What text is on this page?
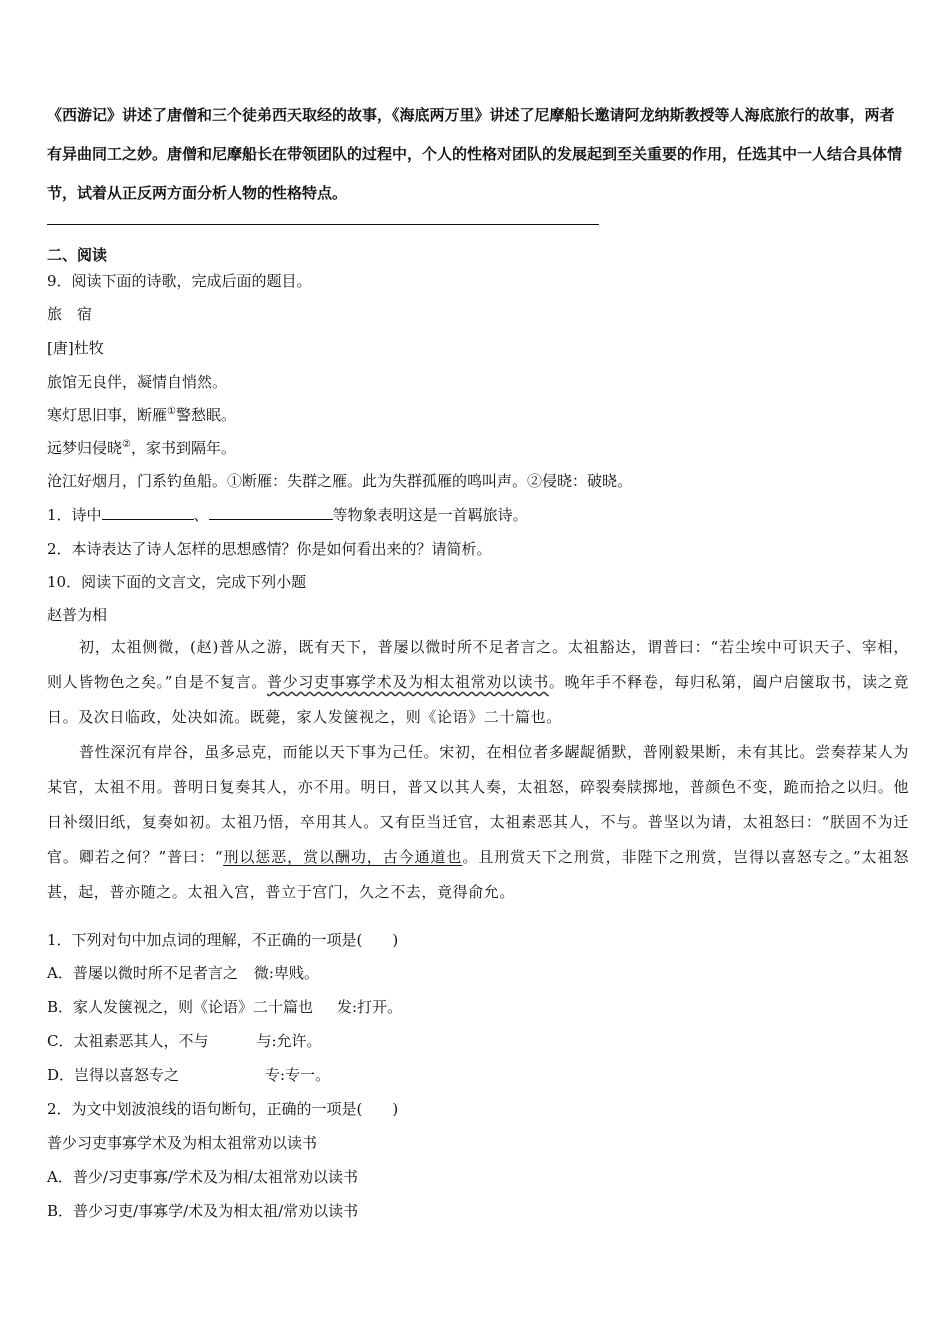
《西游记》讲述了唐僧和三个徒弟西天取经的故事，《海底两万里》讲述了尼摩船长邀请阿龙纳斯教授等人海底旅行的故事，两者有异曲同工之妙。唐僧和尼摩船长在带领团队的过程中，个人的性格对团队的发展起到至关重要的作用，任选其中一人结合具体情节，试着从正反两方面分析人物的性格特点。

二、阅读

9．阅读下面的诗歌，完成后面的题目。

旅　宿

[唐]杜牧

旅馆无良伴，凝情自悄然。

寒灯思旧事，断雁①警愁眠。

远梦归侵晓②，家书到隔年。

沧江好烟月，门系钓鱼船。①断雁：失群之雁。此为失群孤雁的鸣叫声。②侵晓：破晓。

1．诗中	、	等物象表明这是一首羁旅诗。

2．本诗表达了诗人怎样的思想感情？你是如何看出来的？请简析。

10．阅读下面的文言文，完成下列小题

赵普为相

初，太祖侧微，(赵)普从之游，既有天下，普屡以微时所不足者言之。太祖豁达，谓普曰：“若尘埃中可识天子、宰相，则人皆物色之矣。”自是不复言。普少习吏事寡学术及为相太祖常劝以读书。晚年手不释卷，每归私第，阖户启箧取书，读之竟日。及次日临政，处决如流。既薨，家人发箧视之，则《论语》二十篇也。

普性深沉有岸谷，虽多忌克，而能以天下事为己任。宋初，在相位者多龌龊循默，普刚毅果断，未有其比。尝奏荐某人为某官，太祖不用。普明日复奏其人，亦不用。明日，普又以其人奏，太祖怒，碎裂奏牍掷地，普颜色不变，跪而拾之以归。他日补缀旧纸，复奏如初。太祖乃悟，卒用其人。又有臣当迁官，太祖素恶其人，不与。普坚以为请，太祖怒曰：“朕固不为迁官。卿若之何？”普曰：“刑以惩恶，赏以酬功，古今通道也。且刑赏天下之刑赏，非陛下之刑赏，岂得以喜怒专之。”太祖怒甚，起，普亦随之。太祖入宫，普立于宫门，久之不去，竟得俞允。

1．下列对句中加点词的理解，不正确的一项是(　　)

A．普屡以微时所不足者言之 微:卑贱。

B．家人发箧视之，则《论语》二十篇也 发:打开。

C．太祖素恶其人，不与	与:允许。

D．岂得以喜怒专之	专:专一。

2．为文中划波浪线的语句断句，正确的一项是(　　)

普少习吏事寡学术及为相太祖常劝以读书

A．普少/习吏事寡/学术及为相/太祖常劝以读书

B．普少习吏/事寡学/术及为相太祖/常劝以读书
